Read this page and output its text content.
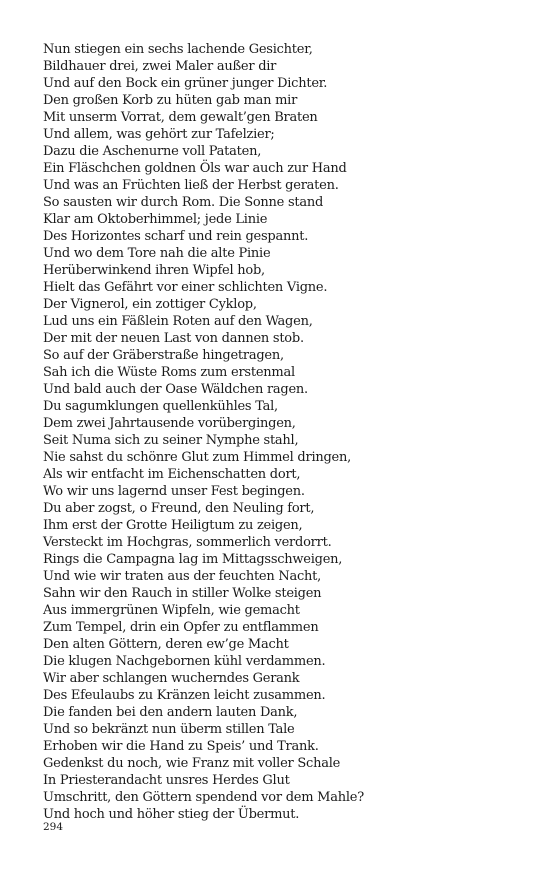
Nun stiegen ein sechs lachende Gesichter,
Bildhauer drei, zwei Maler außer dir
Und auf den Bock ein grüner junger Dichter.
Den großen Korb zu hüten gab man mir
Mit unserm Vorrat, dem gewalt’gen Braten
Und allem, was gehört zur Tafelzier;
Dazu die Aschenurne voll Pataten,
Ein Fläschchen goldnen Öls war auch zur Hand
Und was an Früchten ließ der Herbst geraten.
So sausten wir durch Rom. Die Sonne stand
Klar am Oktoberhimmel; jede Linie
Des Horizontes scharf und rein gespannt.
Und wo dem Tore nah die alte Pinie
Herüberwinkend ihren Wipfel hob,
Hielt das Gefährt vor einer schlichten Vigne.
Der Vignerol, ein zottiger Cyklop,
Lud uns ein Fäßlein Roten auf den Wagen,
Der mit der neuen Last von dannen stob.
So auf der Gräberstraße hingetragen,
Sah ich die Wüste Roms zum erstenmal
Und bald auch der Oase Wäldchen ragen.
Du sagumklungen quellenkühles Tal,
Dem zwei Jahrtausende vorübergingen,
Seit Numa sich zu seiner Nymphe stahl,
Nie sahst du schönre Glut zum Himmel dringen,
Als wir entfacht im Eichenschatten dort,
Wo wir uns lagernd unser Fest begingen.
Du aber zogst, o Freund, den Neuling fort,
Ihm erst der Grotte Heiligtum zu zeigen,
Versteckt im Hochgras, sommerlich verdorrt.
Rings die Campagna lag im Mittagsschweigen,
Und wie wir traten aus der feuchten Nacht,
Sahn wir den Rauch in stiller Wolke steigen
Aus immergrünen Wipfeln, wie gemacht
Zum Tempel, drin ein Opfer zu entflammen
Den alten Göttern, deren ew’ge Macht
Die klugen Nachgebornen kühl verdammen.
Wir aber schlangen wucherndes Gerank
Des Efeulaubs zu Kränzen leicht zusammen.
Die fanden bei den andern lauten Dank,
Und so bekränzt nun überm stillen Tale
Erhoben wir die Hand zu Speis’ und Trank.
Gedenkst du noch, wie Franz mit voller Schale
In Priesterandacht unsres Herdes Glut
Umschritt, den Göttern spendend vor dem Mahle?
Und hoch und höher stieg der Übermut.
294
